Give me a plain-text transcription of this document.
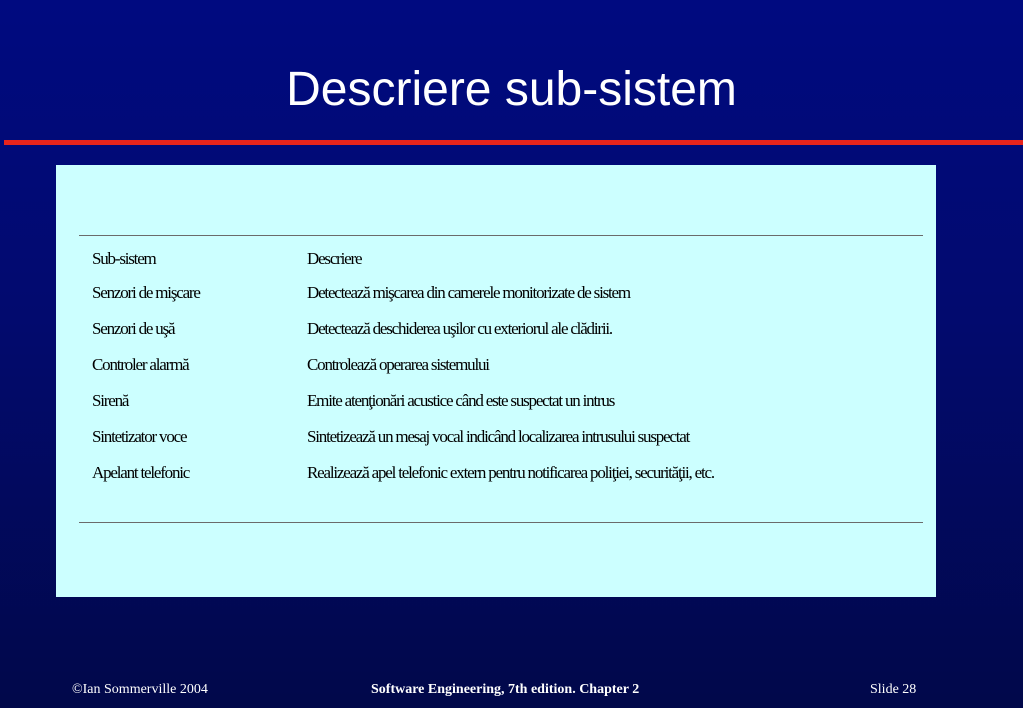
Descriere sub-sistem
Sub-sistem	Descriere
Senzori de mişcare	Detectează mişcarea din camerele monitorizate de sistem
Senzori de uşă	Detectează deschiderea uşilor cu exteriorul ale clădirii.
Controler alarmă	Controlează operarea sistemului
Sirenă	Emite atenţionări acustice când este suspectat un intrus
Sintetizator voce	Sintetizează un mesaj vocal indicând localizarea intrusului suspectat
Apelant telefonic	Realizează apel telefonic extern pentru notificarea poliţiei, securităţii, etc.
©Ian Sommerville 2004	Software Engineering, 7th edition. Chapter 2	Slide 28
